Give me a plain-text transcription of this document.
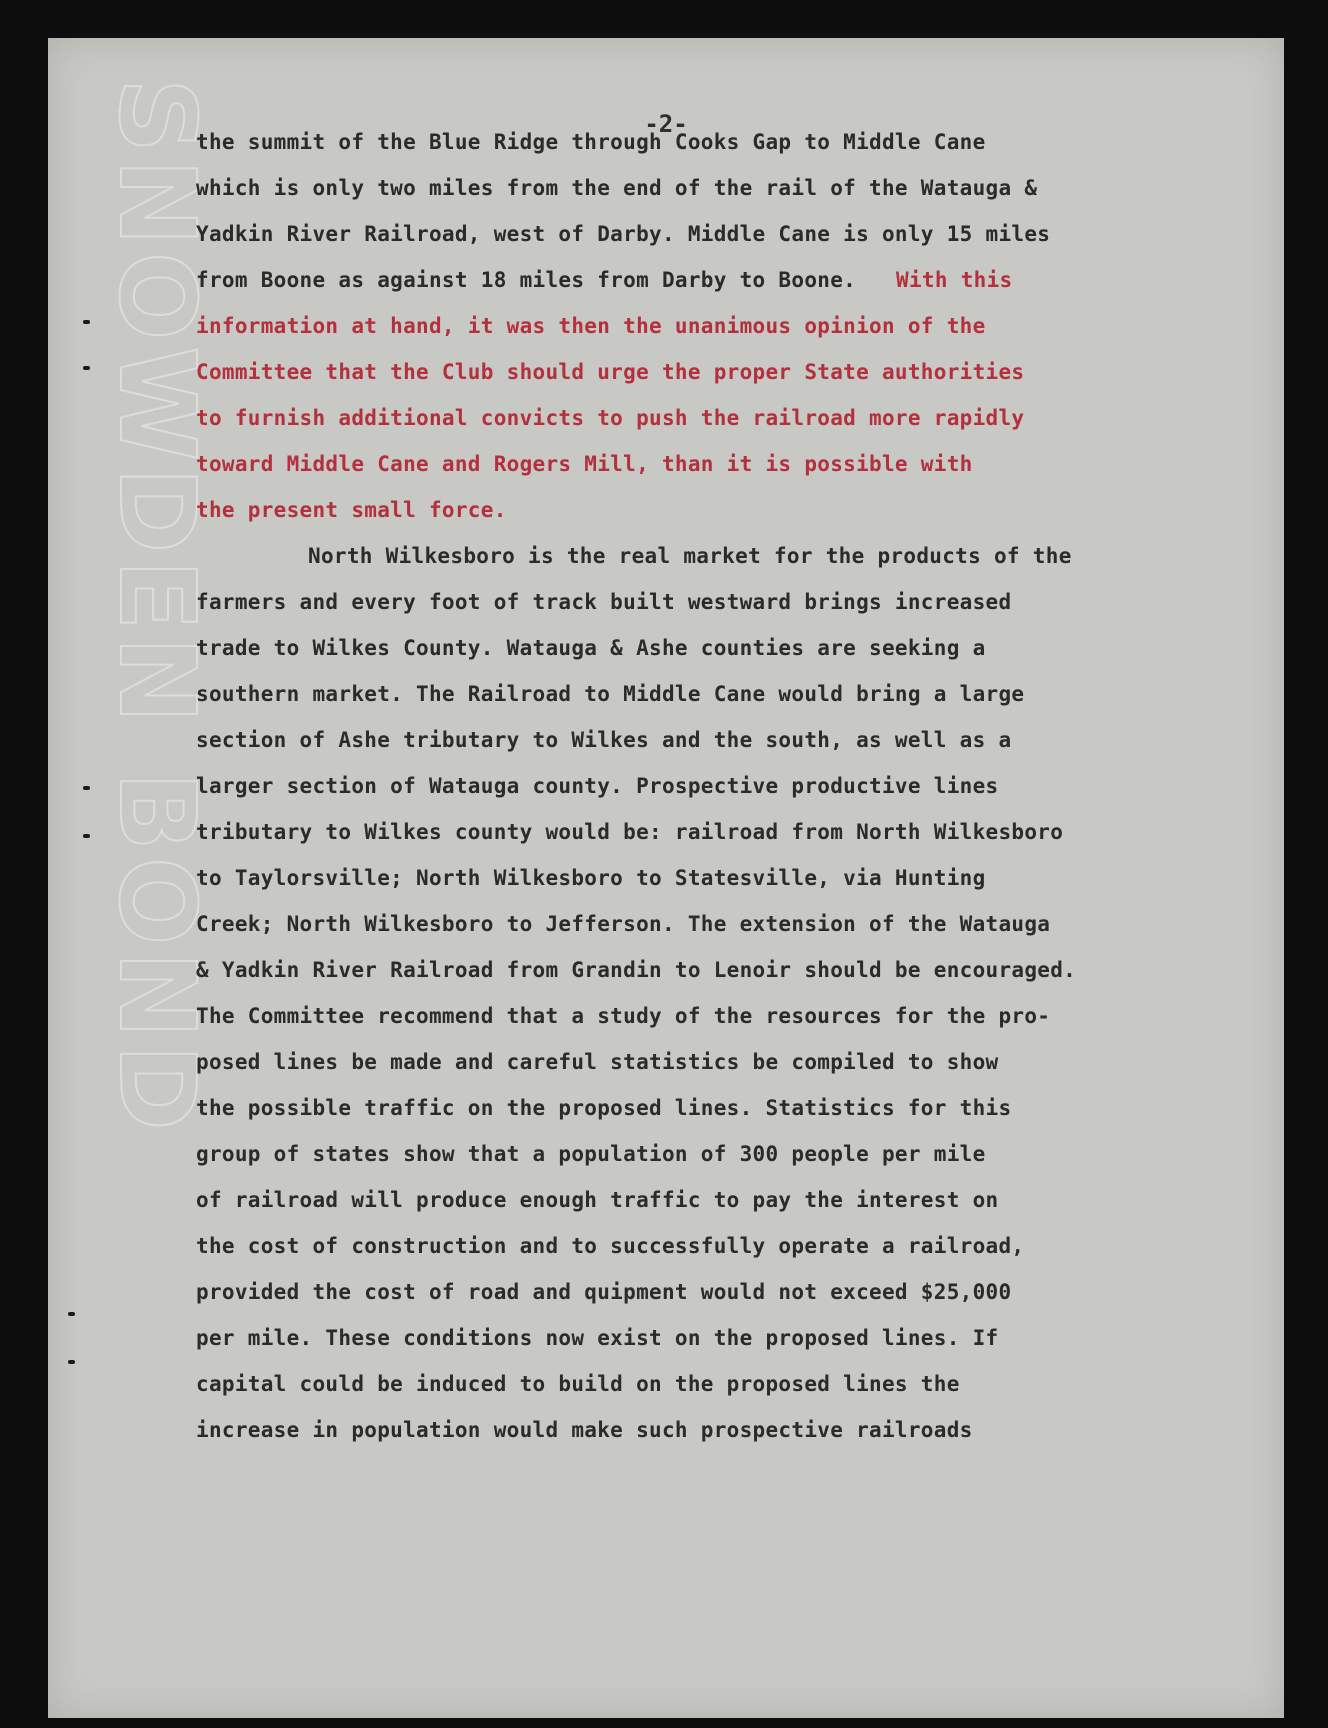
SNOWDEN BOND	-2-
the summit of the Blue Ridge through Cooks Gap to Middle Cane
which is only two miles from the end of the rail of the Watauga &
Yadkin River Railroad, west of Darby. Middle Cane is only 15 miles
from Boone as against 18 miles from Darby to Boone. With this
information at hand, it was then the unanimous opinion of the
Committee that the Club should urge the proper State authorities
to furnish additional convicts to push the railroad more rapidly
toward Middle Cane and Rogers Mill, than it is possible with
the present small force.
North Wilkesboro is the real market for the products of the
farmers and every foot of track built westward brings increased
trade to Wilkes County. Watauga & Ashe counties are seeking a
southern market. The Railroad to Middle Cane would bring a large
section of Ashe tributary to Wilkes and the south, as well as a
larger section of Watauga county. Prospective productive lines
tributary to Wilkes county would be: railroad from North Wilkesboro
to Taylorsville; North Wilkesboro to Statesville, via Hunting
Creek; North Wilkesboro to Jefferson. The extension of the Watauga
& Yadkin River Railroad from Grandin to Lenoir should be encouraged.
The Committee recommend that a study of the resources for the pro-
posed lines be made and careful statistics be compiled to show
the possible traffic on the proposed lines. Statistics for this
group of states show that a population of 300 people per mile
of railroad will produce enough traffic to pay the interest on
the cost of construction and to successfully operate a railroad,
provided the cost of road and quipment would not exceed $25,000
per mile. These conditions now exist on the proposed lines. If
capital could be induced to build on the proposed lines the
increase in population would make such prospective railroads
